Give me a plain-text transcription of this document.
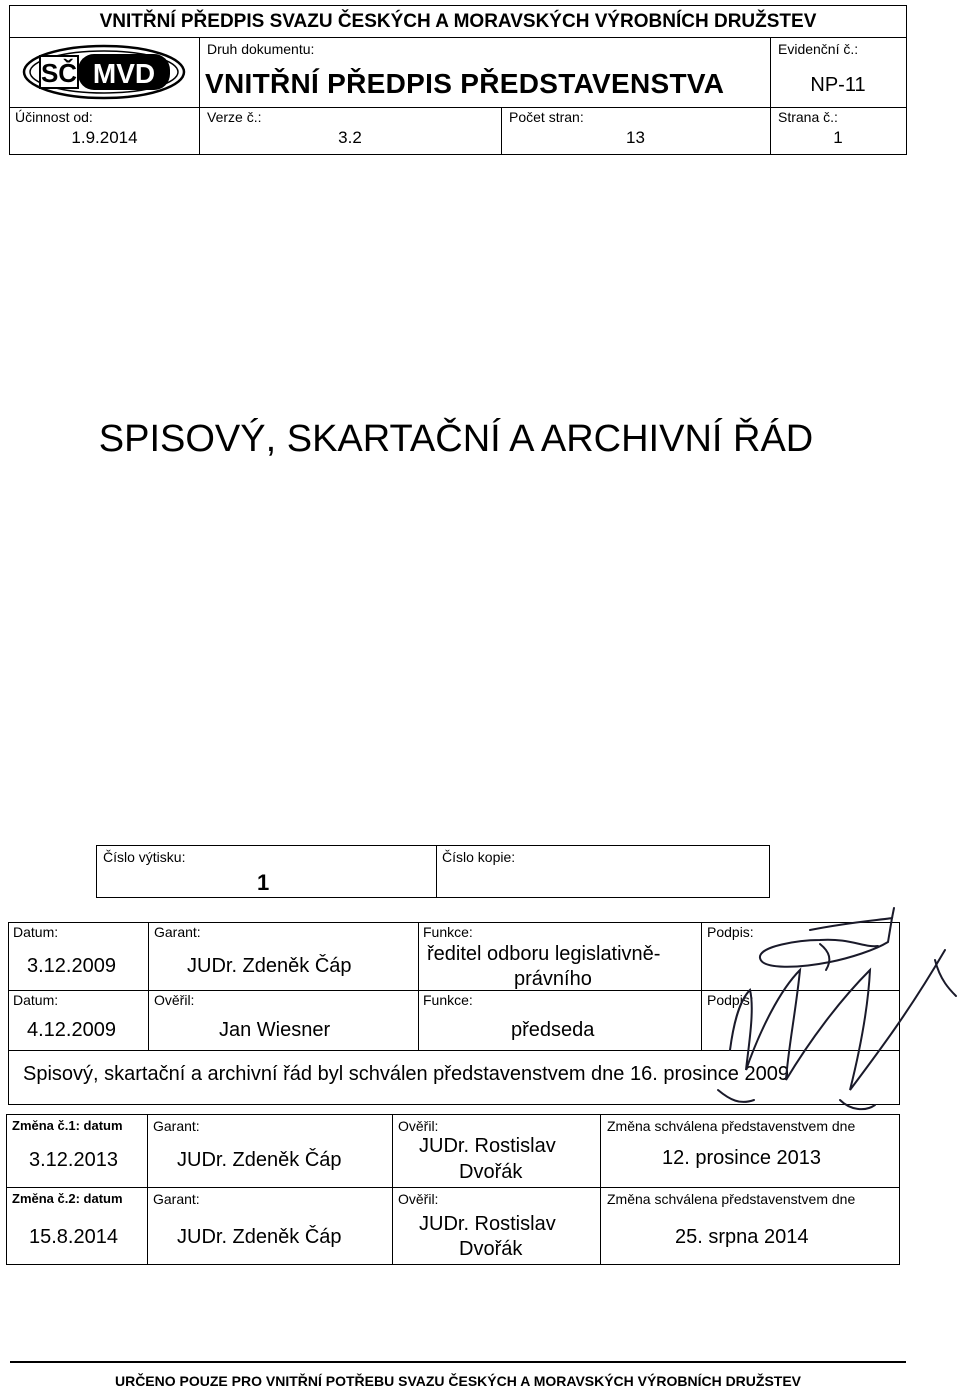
VNITŘNÍ PŘEDPIS SVAZU ČESKÝCH A MORAVSKÝCH VÝROBNÍCH DRUŽSTEV
SČ MVD
Druh dokumentu:
VNITŘNÍ PŘEDPIS PŘEDSTAVENSTVA
Evidenční č.:
NP-11
Účinnost od:
1.9.2014
Verze č.:
3.2
Počet stran:
13
Strana č.:
1
SPISOVÝ, SKARTAČNÍ A ARCHIVNÍ ŘÁD
Číslo výtisku:
1
Číslo kopie:
Datum:
3.12.2009
Garant:
JUDr. Zdeněk Čáp
Funkce:
ředitel odboru legislativně-
právního
Podpis:
Datum:
4.12.2009
Ověřil:
Jan Wiesner
Funkce:
předseda
Podpis:
Spisový, skartační a archivní řád byl schválen představenstvem dne 16. prosince 2009
Změna č.1: datum
3.12.2013
Garant:
JUDr. Zdeněk Čáp
Ověřil:
JUDr. Rostislav
Dvořák
Změna schválena představenstvem dne
12. prosince 2013
Změna č.2: datum
15.8.2014
Garant:
JUDr. Zdeněk Čáp
Ověřil:
JUDr. Rostislav
Dvořák
Změna schválena představenstvem dne
25. srpna 2014
URČENO POUZE PRO VNITŘNÍ POTŘEBU SVAZU ČESKÝCH A MORAVSKÝCH VÝROBNÍCH DRUŽSTEV
